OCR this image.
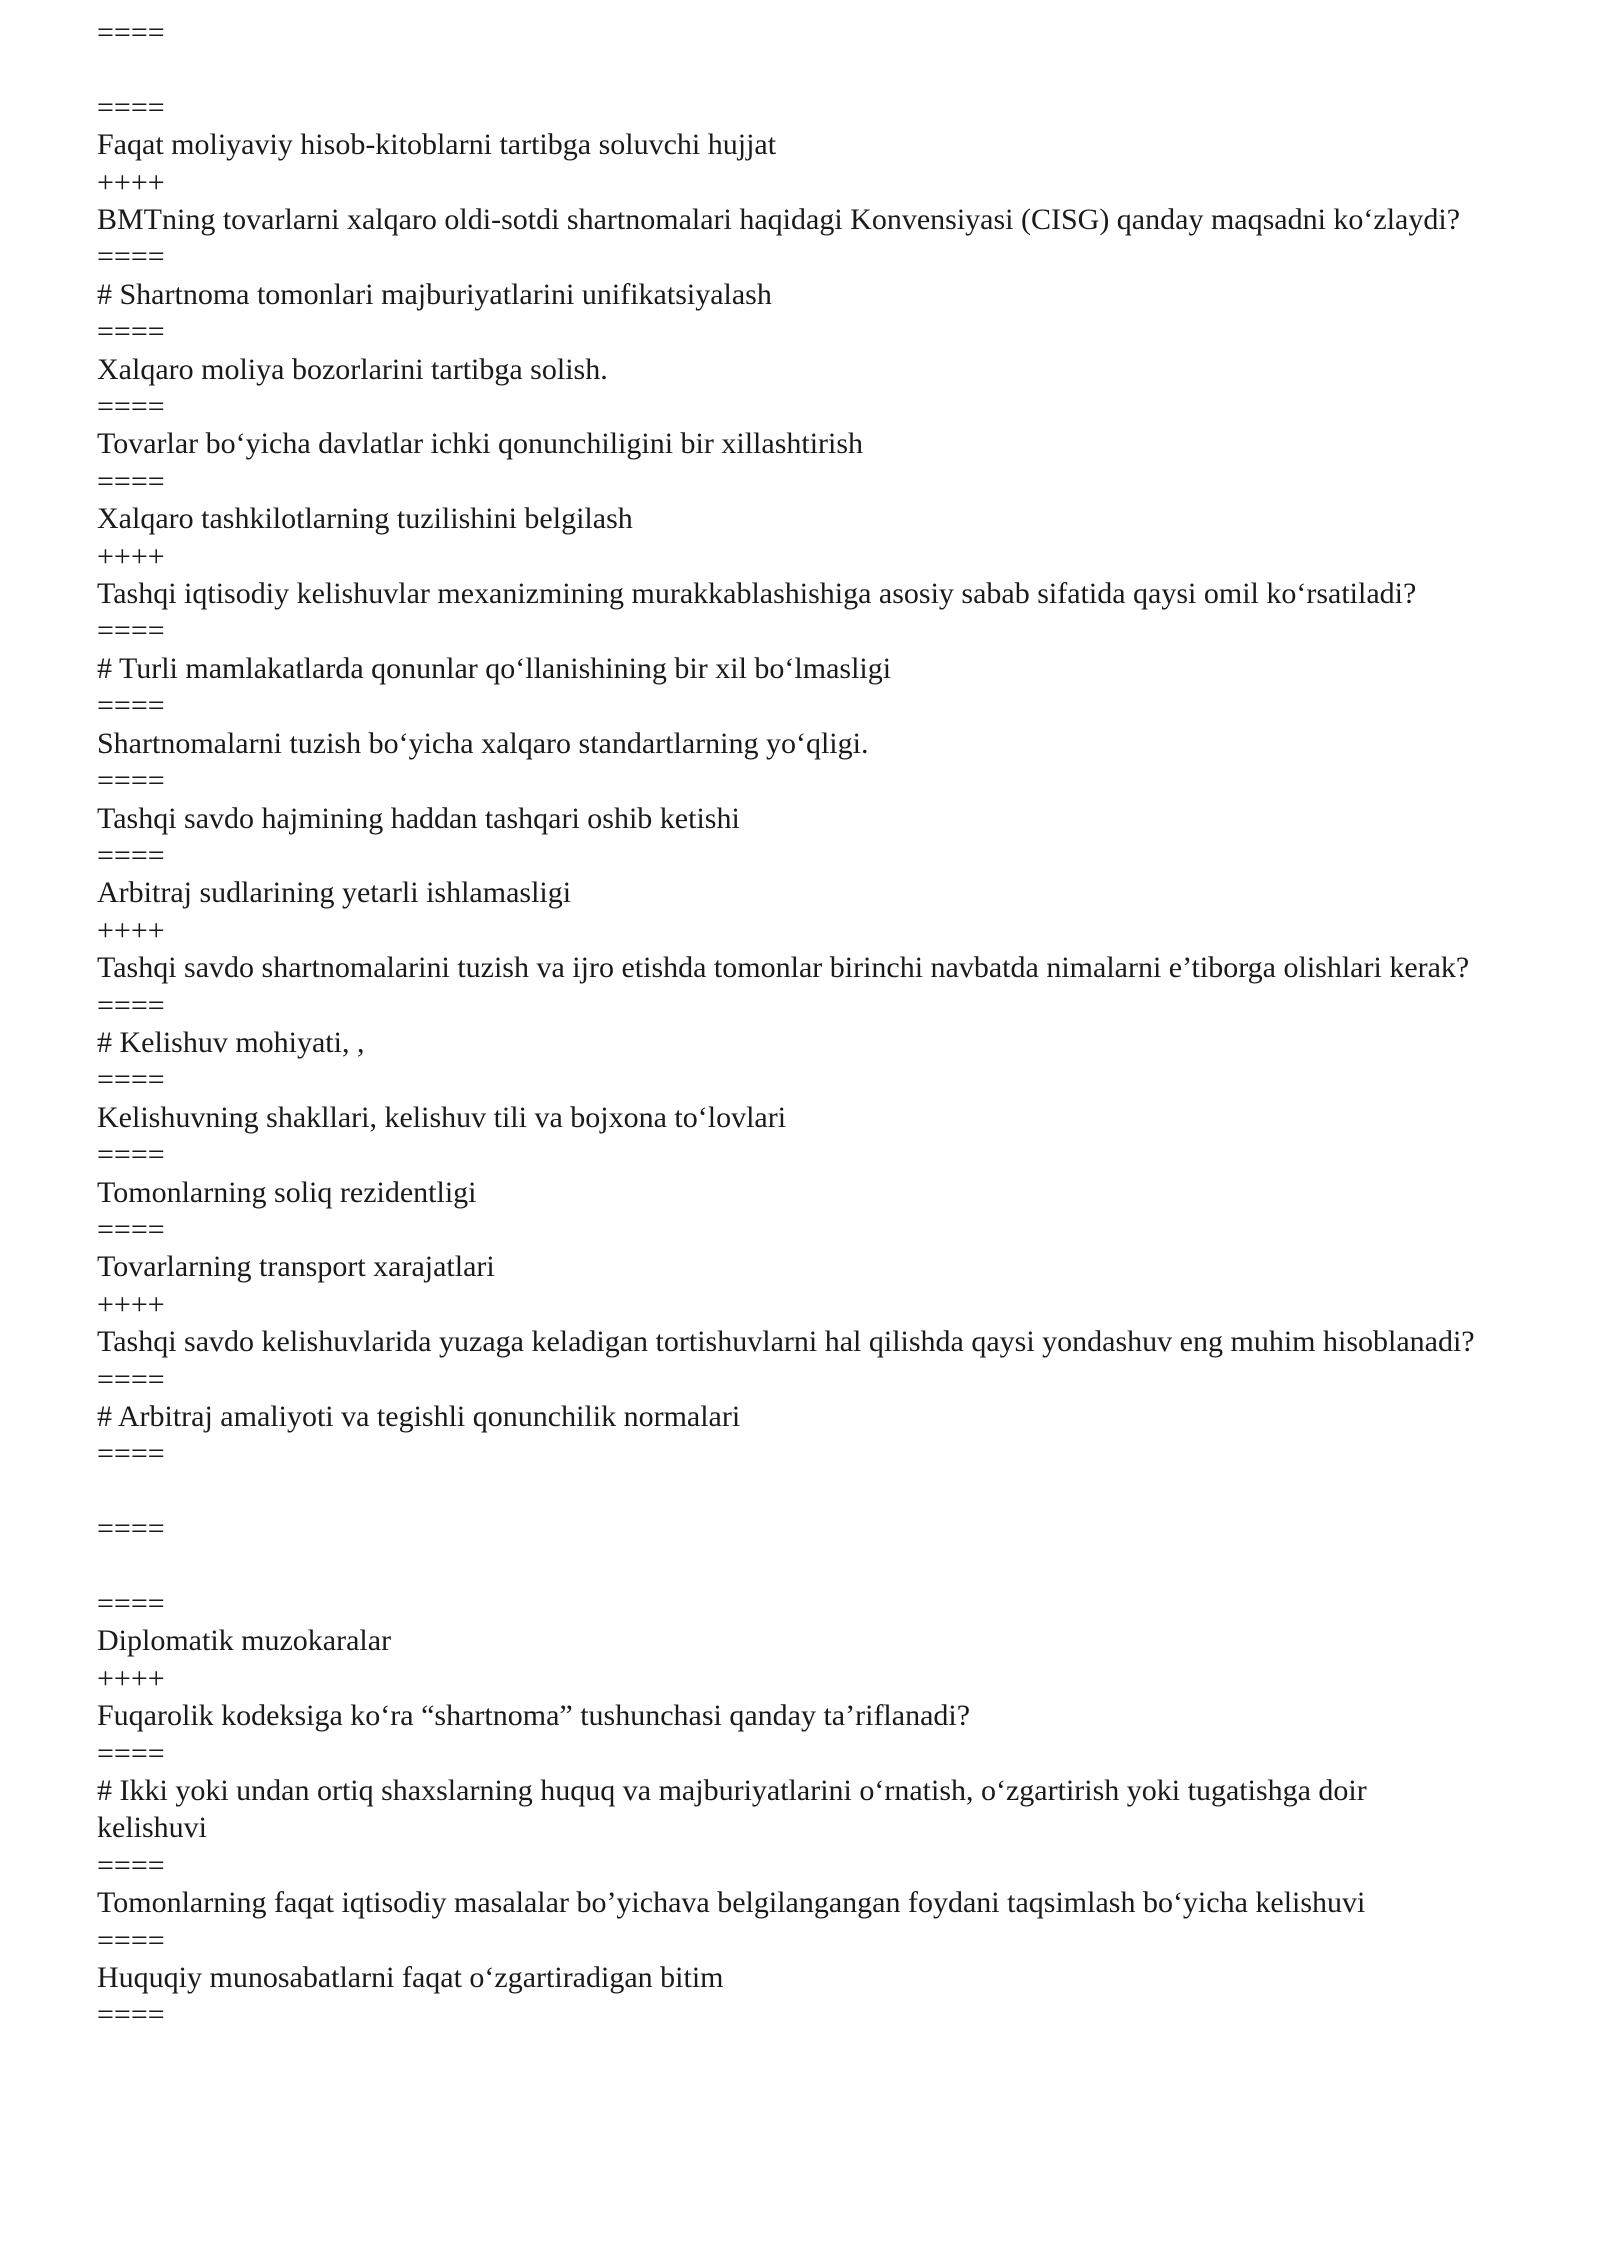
====

====

Faqat moliyaviy hisob-kitoblarni tartibga soluvchi hujjat

++++

BMTning tovarlarni xalqaro oldi-sotdi shartnomalari haqidagi Konvensiyasi (CISG) qanday maqsadni ko‘zlaydi?

====

# Shartnoma tomonlari majburiyatlarini unifikatsiyalash

====

Xalqaro moliya bozorlarini tartibga solish.

====

Tovarlar bo‘yicha davlatlar ichki qonunchiligini bir xillashtirish

====

Xalqaro tashkilotlarning tuzilishini belgilash

++++

Tashqi iqtisodiy kelishuvlar mexanizmining murakkablashishiga asosiy sabab sifatida qaysi omil ko‘rsatiladi?

====

# Turli mamlakatlarda qonunlar qo‘llanishining bir xil bo‘lmasligi

====

Shartnomalarni tuzish bo‘yicha xalqaro standartlarning yo‘qligi.

====

Tashqi savdo hajmining haddan tashqari oshib ketishi

====

Arbitraj sudlarining yetarli ishlamasligi

++++

Tashqi savdo shartnomalarini tuzish va ijro etishda tomonlar birinchi navbatda nimalarni e’tiborga olishlari kerak?

====

# Kelishuv mohiyati, ,

====

Kelishuvning shakllari, kelishuv tili va bojxona to‘lovlari

====

Tomonlarning soliq rezidentligi

====

Tovarlarning transport xarajatlari

++++

Tashqi savdo kelishuvlarida yuzaga keladigan tortishuvlarni hal qilishda qaysi yondashuv eng muhim hisoblanadi?

====

# Arbitraj amaliyoti va tegishli qonunchilik normalari

====

====

====

Diplomatik muzokaralar

++++

Fuqarolik kodeksiga ko‘ra “shartnoma” tushunchasi qanday ta’riflanadi?

====

# Ikki yoki undan ortiq shaxslarning huquq va majburiyatlarini o‘rnatish, o‘zgartirish yoki tugatishga doir kelishuvi

====

Tomonlarning faqat iqtisodiy masalalar bo’yichava belgilangangan foydani taqsimlash bo‘yicha kelishuvi

====

Huquqiy munosabatlarni faqat o‘zgartiradigan bitim

====
